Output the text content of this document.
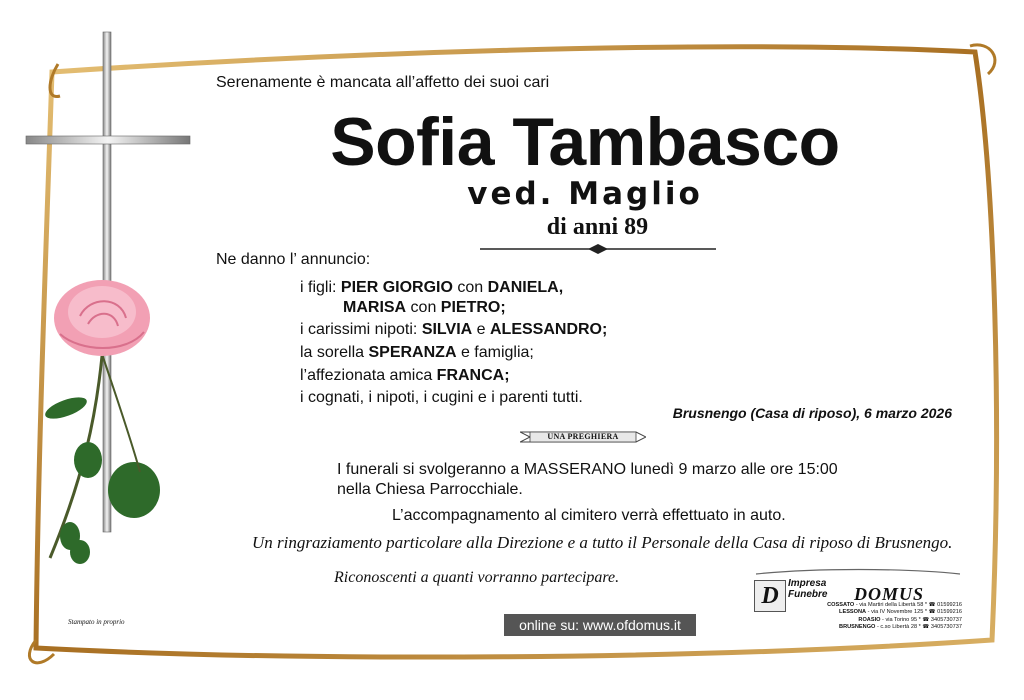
Serenamente è mancata all’affetto dei suoi cari
Sofia Tambasco
ved. Maglio
di anni 89
Ne danno l’ annuncio:
i figli: PIER GIORGIO con DANIELA,
MARISA con PIETRO;
i carissimi nipoti: SILVIA e ALESSANDRO;
la sorella SPERANZA e famiglia;
l’affezionata amica FRANCA;
i cognati, i nipoti, i cugini e i parenti tutti.
Brusnengo (Casa di riposo), 6 marzo 2026
UNA PREGHIERA
I funerali si svolgeranno a MASSERANO lunedì 9 marzo alle ore 15:00
nella Chiesa Parrocchiale.
L’accompagnamento al cimitero verrà effettuato in auto.
Un ringraziamento particolare alla Direzione e a tutto il Personale della Casa di riposo di Brusnengo.
Riconoscenti a quanti vorranno partecipare.
online su: www.ofdomus.it
Stampato in proprio
D Impresa
Funebre DOMUS
COSSATO - via Martiri della Libertà 58 * ☎ 01599216
LESSONA - via IV Novembre 125 * ☎ 01599216
ROASIO - via Torino 95 * ☎ 3405730737
BRUSNENGO - c.so Libertà 28 * ☎ 3405730737
